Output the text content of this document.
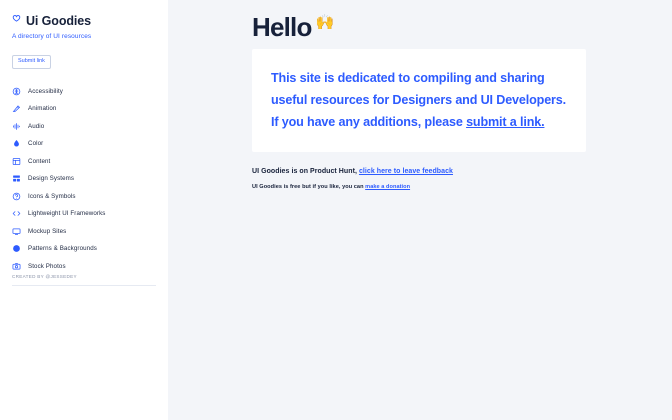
Ui Goodies
A directory of UI resources
Submit link
Accessibility
Animation
Audio
Color
Content
Design Systems
Icons & Symbols
Lightweight UI Frameworks
Mockup Sites
Patterns & Backgrounds
Stock Photos
CREATED BY @JESSEDEY
Hello 🙌

This site is dedicated to compiling and sharing useful resources for Designers and UI Developers. If you have any additions, please submit a link.

UI Goodies is on Product Hunt, click here to leave feedback

UI Goodies is free but if you like, you can make a donation
